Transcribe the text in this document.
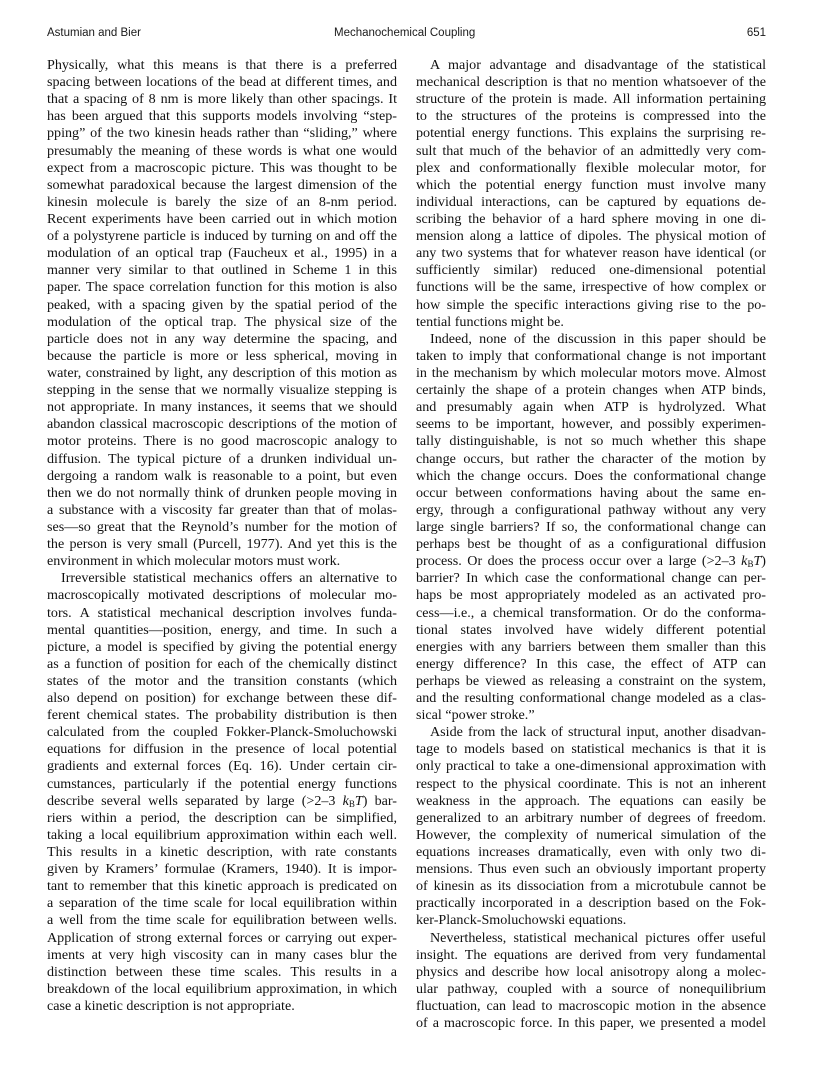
Astumian and Bier	Mechanochemical Coupling	651
Physically, what this means is that there is a preferred
spacing between locations of the bead at different times, and
that a spacing of 8 nm is more likely than other spacings. It
has been argued that this supports models involving “step-
pping” of the two kinesin heads rather than “sliding,” where
presumably the meaning of these words is what one would
expect from a macroscopic picture. This was thought to be
somewhat paradoxical because the largest dimension of the
kinesin molecule is barely the size of an 8-nm period.
Recent experiments have been carried out in which motion
of a polystyrene particle is induced by turning on and off the
modulation of an optical trap (Faucheux et al., 1995) in a
manner very similar to that outlined in Scheme 1 in this
paper. The space correlation function for this motion is also
peaked, with a spacing given by the spatial period of the
modulation of the optical trap. The physical size of the
particle does not in any way determine the spacing, and
because the particle is more or less spherical, moving in
water, constrained by light, any description of this motion as
stepping in the sense that we normally visualize stepping is
not appropriate. In many instances, it seems that we should
abandon classical macroscopic descriptions of the motion of
motor proteins. There is no good macroscopic analogy to
diffusion. The typical picture of a drunken individual un-
dergoing a random walk is reasonable to a point, but even
then we do not normally think of drunken people moving in
a substance with a viscosity far greater than that of molas-
ses—so great that the Reynold’s number for the motion of
the person is very small (Purcell, 1977). And yet this is the
environment in which molecular motors must work.
Irreversible statistical mechanics offers an alternative to
macroscopically motivated descriptions of molecular mo-
tors. A statistical mechanical description involves funda-
mental quantities—position, energy, and time. In such a
picture, a model is specified by giving the potential energy
as a function of position for each of the chemically distinct
states of the motor and the transition constants (which
also depend on position) for exchange between these dif-
ferent chemical states. The probability distribution is then
calculated from the coupled Fokker-Planck-Smoluchowski
equations for diffusion in the presence of local potential
gradients and external forces (Eq. 16). Under certain cir-
cumstances, particularly if the potential energy functions
describe several wells separated by large (>2–3 $k_BT$) bar-
riers within a period, the description can be simplified,
taking a local equilibrium approximation within each well.
This results in a kinetic description, with rate constants
given by Kramers’ formulae (Kramers, 1940). It is impor-
tant to remember that this kinetic approach is predicated on
a separation of the time scale for local equilibration within
a well from the time scale for equilibration between wells.
Application of strong external forces or carrying out exper-
iments at very high viscosity can in many cases blur the
distinction between these time scales. This results in a
breakdown of the local equilibrium approximation, in which
case a kinetic description is not appropriate.
A major advantage and disadvantage of the statistical
mechanical description is that no mention whatsoever of the
structure of the protein is made. All information pertaining
to the structures of the proteins is compressed into the
potential energy functions. This explains the surprising re-
sult that much of the behavior of an admittedly very com-
plex and conformationally flexible molecular motor, for
which the potential energy function must involve many
individual interactions, can be captured by equations de-
scribing the behavior of a hard sphere moving in one di-
mension along a lattice of dipoles. The physical motion of
any two systems that for whatever reason have identical (or
sufficiently similar) reduced one-dimensional potential
functions will be the same, irrespective of how complex or
how simple the specific interactions giving rise to the po-
tential functions might be.
Indeed, none of the discussion in this paper should be
taken to imply that conformational change is not important
in the mechanism by which molecular motors move. Almost
certainly the shape of a protein changes when ATP binds,
and presumably again when ATP is hydrolyzed. What
seems to be important, however, and possibly experimen-
tally distinguishable, is not so much whether this shape
change occurs, but rather the character of the motion by
which the change occurs. Does the conformational change
occur between conformations having about the same en-
ergy, through a configurational pathway without any very
large single barriers? If so, the conformational change can
perhaps best be thought of as a configurational diffusion
process. Or does the process occur over a large (>2–3 $k_BT$)
barrier? In which case the conformational change can per-
haps be most appropriately modeled as an activated pro-
cess—i.e., a chemical transformation. Or do the conforma-
tional states involved have widely different potential
energies with any barriers between them smaller than this
energy difference? In this case, the effect of ATP can
perhaps be viewed as releasing a constraint on the system,
and the resulting conformational change modeled as a clas-
sical “power stroke.”
Aside from the lack of structural input, another disadvan-
tage to models based on statistical mechanics is that it is
only practical to take a one-dimensional approximation with
respect to the physical coordinate. This is not an inherent
weakness in the approach. The equations can easily be
generalized to an arbitrary number of degrees of freedom.
However, the complexity of numerical simulation of the
equations increases dramatically, even with only two di-
mensions. Thus even such an obviously important property
of kinesin as its dissociation from a microtubule cannot be
practically incorporated in a description based on the Fok-
ker-Planck-Smoluchowski equations.
Nevertheless, statistical mechanical pictures offer useful
insight. The equations are derived from very fundamental
physics and describe how local anisotropy along a molec-
ular pathway, coupled with a source of nonequilibrium
fluctuation, can lead to macroscopic motion in the absence
of a macroscopic force. In this paper, we presented a model
